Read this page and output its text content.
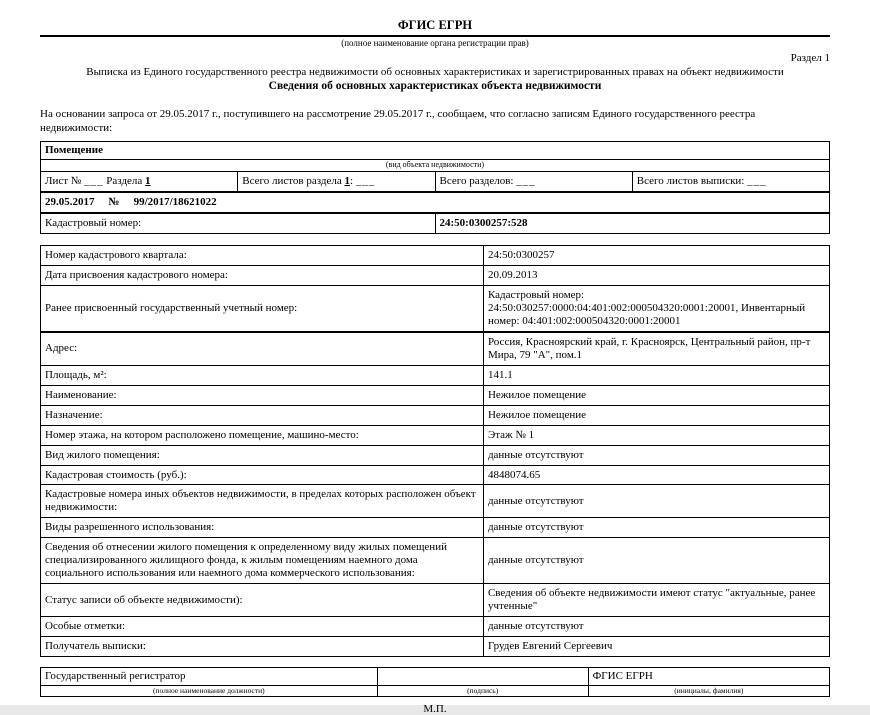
ФГИС ЕГРН
(полное наименование органа регистрации прав)
Раздел 1
Выписка из Единого государственного реестра недвижимости об основных характеристиках и зарегистрированных правах на объект недвижимости
Сведения об основных характеристиках объекта недвижимости
На основании запроса от 29.05.2017 г., поступившего на рассмотрение 29.05.2017 г., сообщаем, что согласно записям Единого государственного реестра недвижимости:
Помещение			
(вид объекта недвижимости)			
Лист № ___ Раздела 1	Всего листов раздела 1: ___	Всего разделов: ___	Всего листов выписки: ___
29.05.2017 № 99/2017/18621022			
Кадастровый номер:		24:50:0300257:528	
Номер кадастрового квартала:	24:50:0300257
Дата присвоения кадастрового номера:	20.09.2013
Ранее присвоенный государственный учетный номер:	Кадастровый номер: 24:50:030257:0000:04:401:002:000504320:0001:20001, Инвентарный номер: 04:401:002:000504320:0001:20001
Адрес:	Россия, Красноярский край, г. Красноярск, Центральный район, пр-т Мира, 79 "А", пом.1
Площадь, м²:	141.1
Наименование:	Нежилое помещение
Назначение:	Нежилое помещение
Номер этажа, на котором расположено помещение, машино-место:	Этаж № 1
Вид жилого помещения:	данные отсутствуют
Кадастровая стоимость (руб.):	4848074.65
Кадастровые номера иных объектов недвижимости, в пределах которых расположен объект недвижимости:	данные отсутствуют
Виды разрешенного использования:	данные отсутствуют
Сведения об отнесении жилого помещения к определенному виду жилых помещений специализированного жилищного фонда, к жилым помещениям наемного дома социального использования или наемного дома коммерческого использования:	данные отсутствуют
Статус записи об объекте недвижимости):	Сведения об объекте недвижимости имеют статус "актуальные, ранее учтенные"
Особые отметки:	данные отсутствуют
Получатель выписки:	Грудев Евгений Сергеевич
Государственный регистратор		ФГИС ЕГРН
(полное наименование должности)	(подпись)	(инициалы, фамилия)
М.П.
